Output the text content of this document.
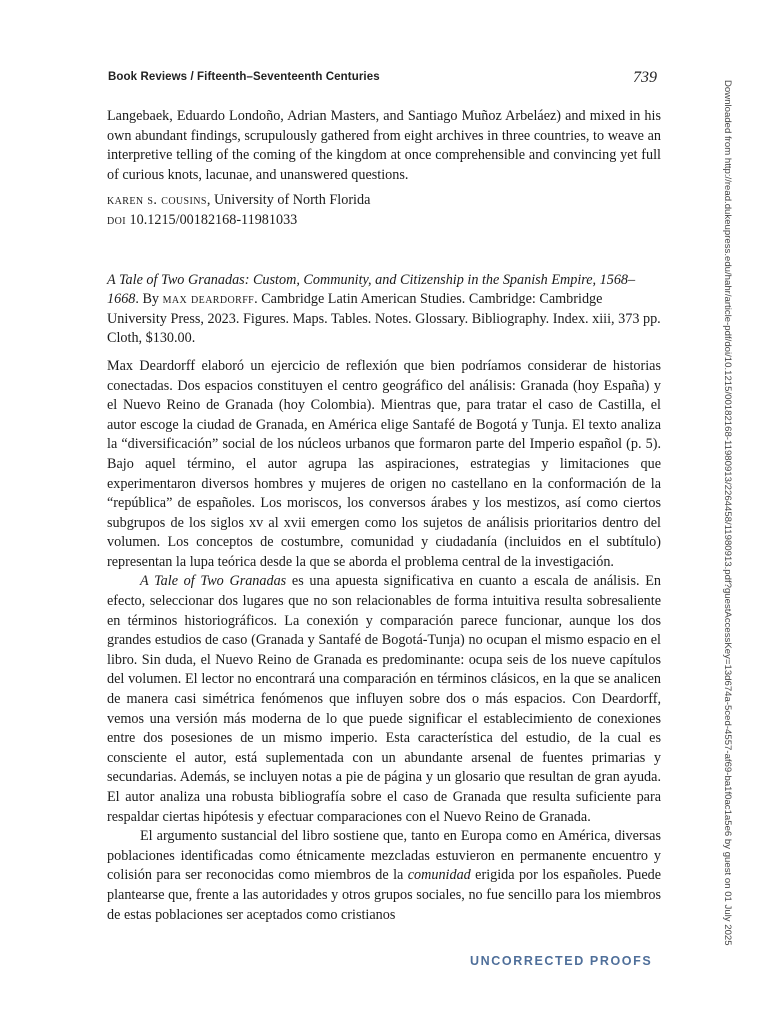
Book Reviews / Fifteenth–Seventeenth Centuries	739

Langebaek, Eduardo Londoño, Adrian Masters, and Santiago Muñoz Arbeláez) and mixed in his own abundant findings, scrupulously gathered from eight archives in three countries, to weave an interpretive telling of the coming of the kingdom at once comprehensible and convincing yet full of curious knots, lacunae, and unanswered questions.

karen s. cousins, University of North Florida

doi 10.1215/00182168-11981033

A Tale of Two Granadas: Custom, Community, and Citizenship in the Spanish Empire, 1568–1668. By max deardorff. Cambridge Latin American Studies. Cambridge: Cambridge University Press, 2023. Figures. Maps. Tables. Notes. Glossary. Bibliography. Index. xiii, 373 pp. Cloth, $130.00.

Max Deardorff elaboró un ejercicio de reflexión que bien podríamos considerar de historias conectadas. Dos espacios constituyen el centro geográfico del análisis: Granada (hoy España) y el Nuevo Reino de Granada (hoy Colombia). Mientras que, para tratar el caso de Castilla, el autor escoge la ciudad de Granada, en América elige Santafé de Bogotá y Tunja. El texto analiza la “diversificación” social de los núcleos urbanos que formaron parte del Imperio español (p. 5). Bajo aquel término, el autor agrupa las aspiraciones, estrategias y limitaciones que experimentaron diversos hombres y mujeres de origen no castellano en la conformación de la “república” de españoles. Los moriscos, los conversos árabes y los mestizos, así como ciertos subgrupos de los siglos xv al xvii emergen como los sujetos de análisis prioritarios dentro del volumen. Los conceptos de costumbre, comunidad y ciudadanía (incluidos en el subtítulo) representan la lupa teórica desde la que se aborda el problema central de la investigación.

A Tale of Two Granadas es una apuesta significativa en cuanto a escala de análisis. En efecto, seleccionar dos lugares que no son relacionables de forma intuitiva resulta sobresaliente en términos historiográficos. La conexión y comparación parece funcionar, aunque los dos grandes estudios de caso (Granada y Santafé de Bogotá-Tunja) no ocupan el mismo espacio en el libro. Sin duda, el Nuevo Reino de Granada es predominante: ocupa seis de los nueve capítulos del volumen. El lector no encontrará una comparación en términos clásicos, en la que se analicen de manera casi simétrica fenómenos que influyen sobre dos o más espacios. Con Deardorff, vemos una versión más moderna de lo que puede significar el establecimiento de conexiones entre dos posesiones de un mismo imperio. Esta característica del estudio, de la cual es consciente el autor, está suplementada con un abundante arsenal de fuentes primarias y secundarias. Además, se incluyen notas a pie de página y un glosario que resultan de gran ayuda. El autor analiza una robusta bibliografía sobre el caso de Granada que resulta suficiente para respaldar ciertas hipótesis y efectuar comparaciones con el Nuevo Reino de Granada.

El argumento sustancial del libro sostiene que, tanto en Europa como en América, diversas poblaciones identificadas como étnicamente mezcladas estuvieron en permanente encuentro y colisión para ser reconocidas como miembros de la comunidad erigida por los españoles. Puede plantearse que, frente a las autoridades y otros grupos sociales, no fue sencillo para los miembros de estas poblaciones ser aceptados como cristianos

UNCORRECTED PROOFS
Downloaded from http://read.dukeupress.edu/hahr/article-pdf/doi/10.1215/00182168-11980913/2264458/11980913.pdf?guestAccessKey=13d674a-5ced-4557-af69-ba1f0ac1a5e6 by guest on 01 July 2025
